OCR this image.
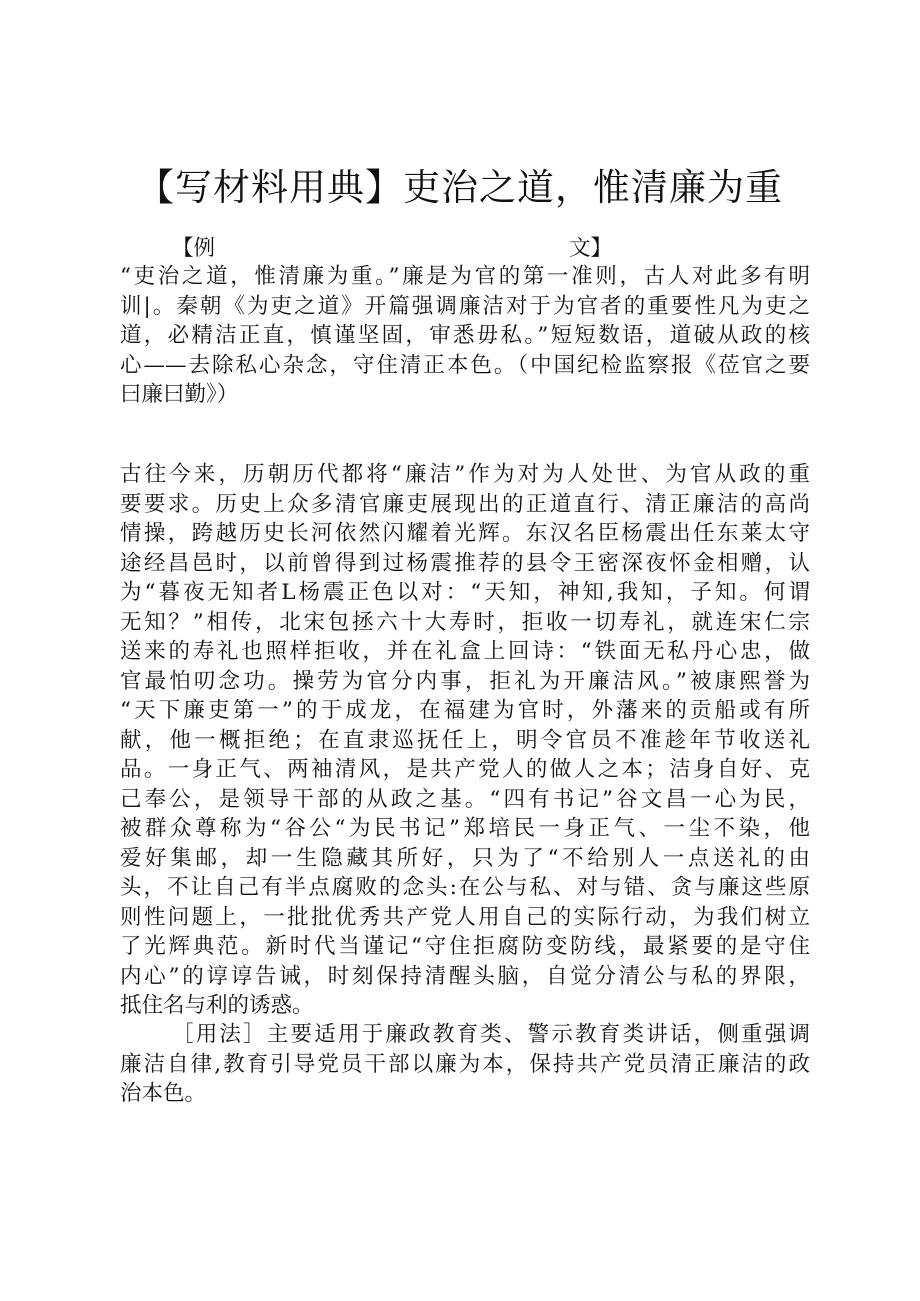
【写材料用典】吏治之道，惟清廉为重
【例	文】
“吏治之道，惟清廉为重。”廉是为官的第一准则，古人对此多有明
训|。秦朝《为吏之道》开篇强调廉洁对于为官者的重要性凡为吏之
道，必精洁正直，慎谨坚固，审悉毋私。”短短数语，道破从政的核
心——去除私心杂念，守住清正本色。（中国纪检监察报《莅官之要
曰廉曰勤》）
古往今来，历朝历代都将“廉洁”作为对为人处世、为官从政的重
要要求。历史上众多清官廉吏展现出的正道直行、清正廉洁的高尚
情操，跨越历史长河依然闪耀着光辉。东汉名臣杨震出任东莱太守
途经昌邑时，以前曾得到过杨震推荐的县令王密深夜怀金相赠，认
为“暮夜无知者L杨震正色以对：“天知，神知,我知，子知。何谓
无知？”相传，北宋包拯六十大寿时，拒收一切寿礼，就连宋仁宗
送来的寿礼也照样拒收，并在礼盒上回诗：“铁面无私丹心忠，做
官最怕叨念功。操劳为官分内事，拒礼为开廉洁风。”被康熙誉为
“天下廉吏第一”的于成龙，在福建为官时，外藩来的贡船或有所
献，他一概拒绝；在直隶巡抚任上，明令官员不准趁年节收送礼
品。一身正气、两袖清风，是共产党人的做人之本；洁身自好、克
己奉公，是领导干部的从政之基。“四有书记”谷文昌一心为民，
被群众尊称为“谷公“为民书记”郑培民一身正气、一尘不染，他
爱好集邮，却一生隐藏其所好，只为了“不给别人一点送礼的由
头，不让自己有半点腐败的念头:在公与私、对与错、贪与廉这些原
则性问题上，一批批优秀共产党人用自己的实际行动，为我们树立
了光辉典范。新时代当谨记“守住拒腐防变防线，最紧要的是守住
内心”的谆谆告诫，时刻保持清醒头脑，自觉分清公与私的界限，
抵住名与利的诱惑。
［用法］主要适用于廉政教育类、警示教育类讲话，侧重强调
廉洁自律,教育引导党员干部以廉为本，保持共产党员清正廉洁的政
治本色。
